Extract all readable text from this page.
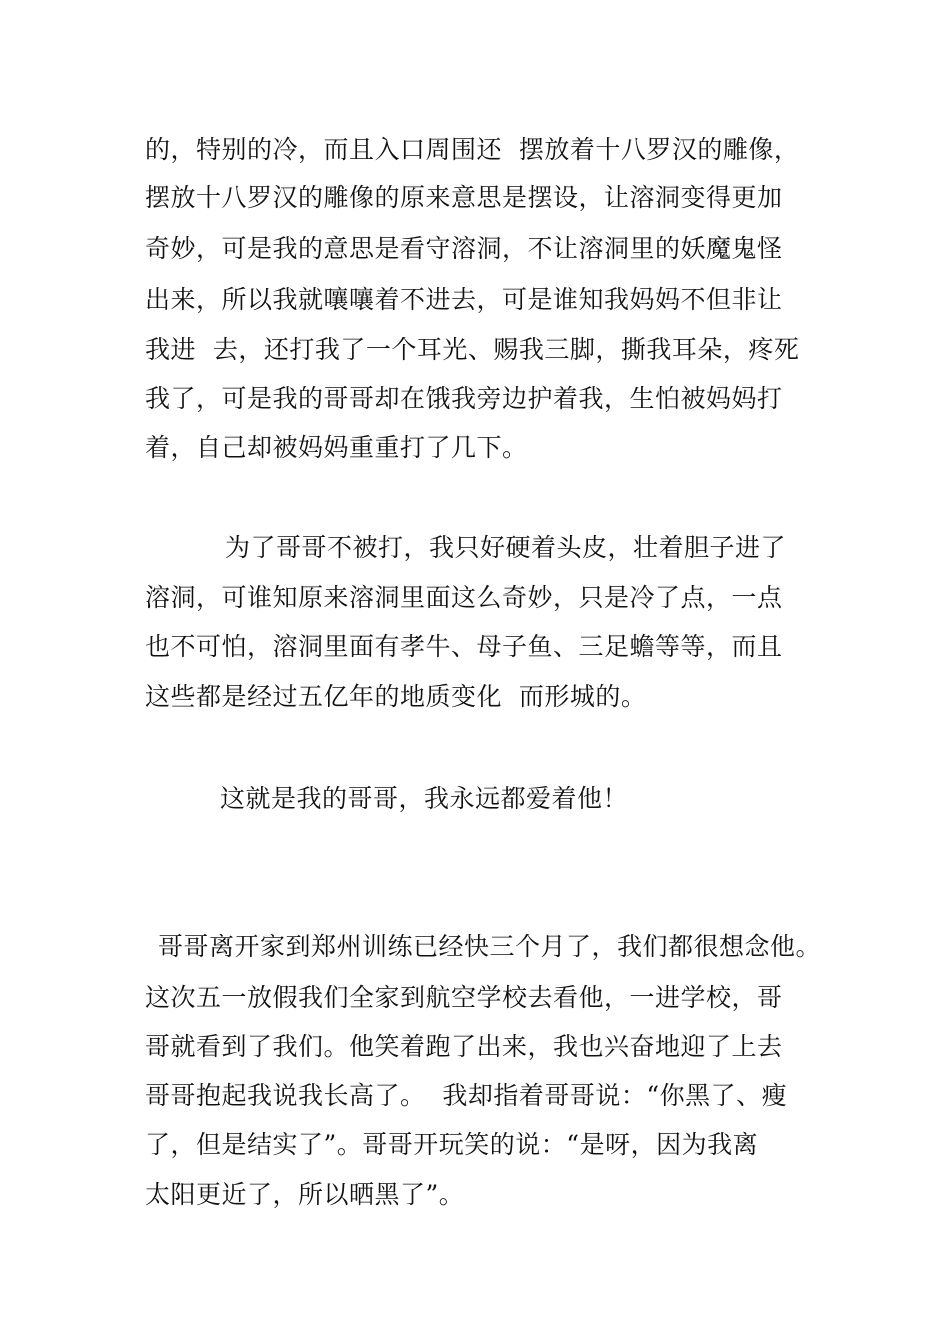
的，特别的冷，而且入口周围还  摆放着十八罗汉的雕像，
摆放十八罗汉的雕像的原来意思是摆设，让溶洞变得更加
奇妙，可是我的意思是看守溶洞，不让溶洞里的妖魔鬼怪
出来，所以我就嚷嚷着不进去，可是谁知我妈妈不但非让
我进  去，还打我了一个耳光、赐我三脚，撕我耳朵，疼死
我了，可是我的哥哥却在饿我旁边护着我，生怕被妈妈打
着，自己却被妈妈重重打了几下。
为了哥哥不被打，我只好硬着头皮，壮着胆子进了
溶洞，可谁知原来溶洞里面这么奇妙，只是冷了点，一点
也不可怕，溶洞里面有孝牛、母子鱼、三足蟾等等，而且
这些都是经过五亿年的地质变化  而形城的。
这就是我的哥哥，我永远都爱着他！
哥哥离开家到郑州训练已经快三个月了，我们都很想念他。
这次五一放假我们全家到航空学校去看他，一进学校，哥
哥就看到了我们。他笑着跑了出来，我也兴奋地迎了上去
哥哥抱起我说我长高了。  我却指着哥哥说：“你黑了、瘦
了，但是结实了”。哥哥开玩笑的说：“是呀，因为我离
太阳更近了，所以晒黑了”。
